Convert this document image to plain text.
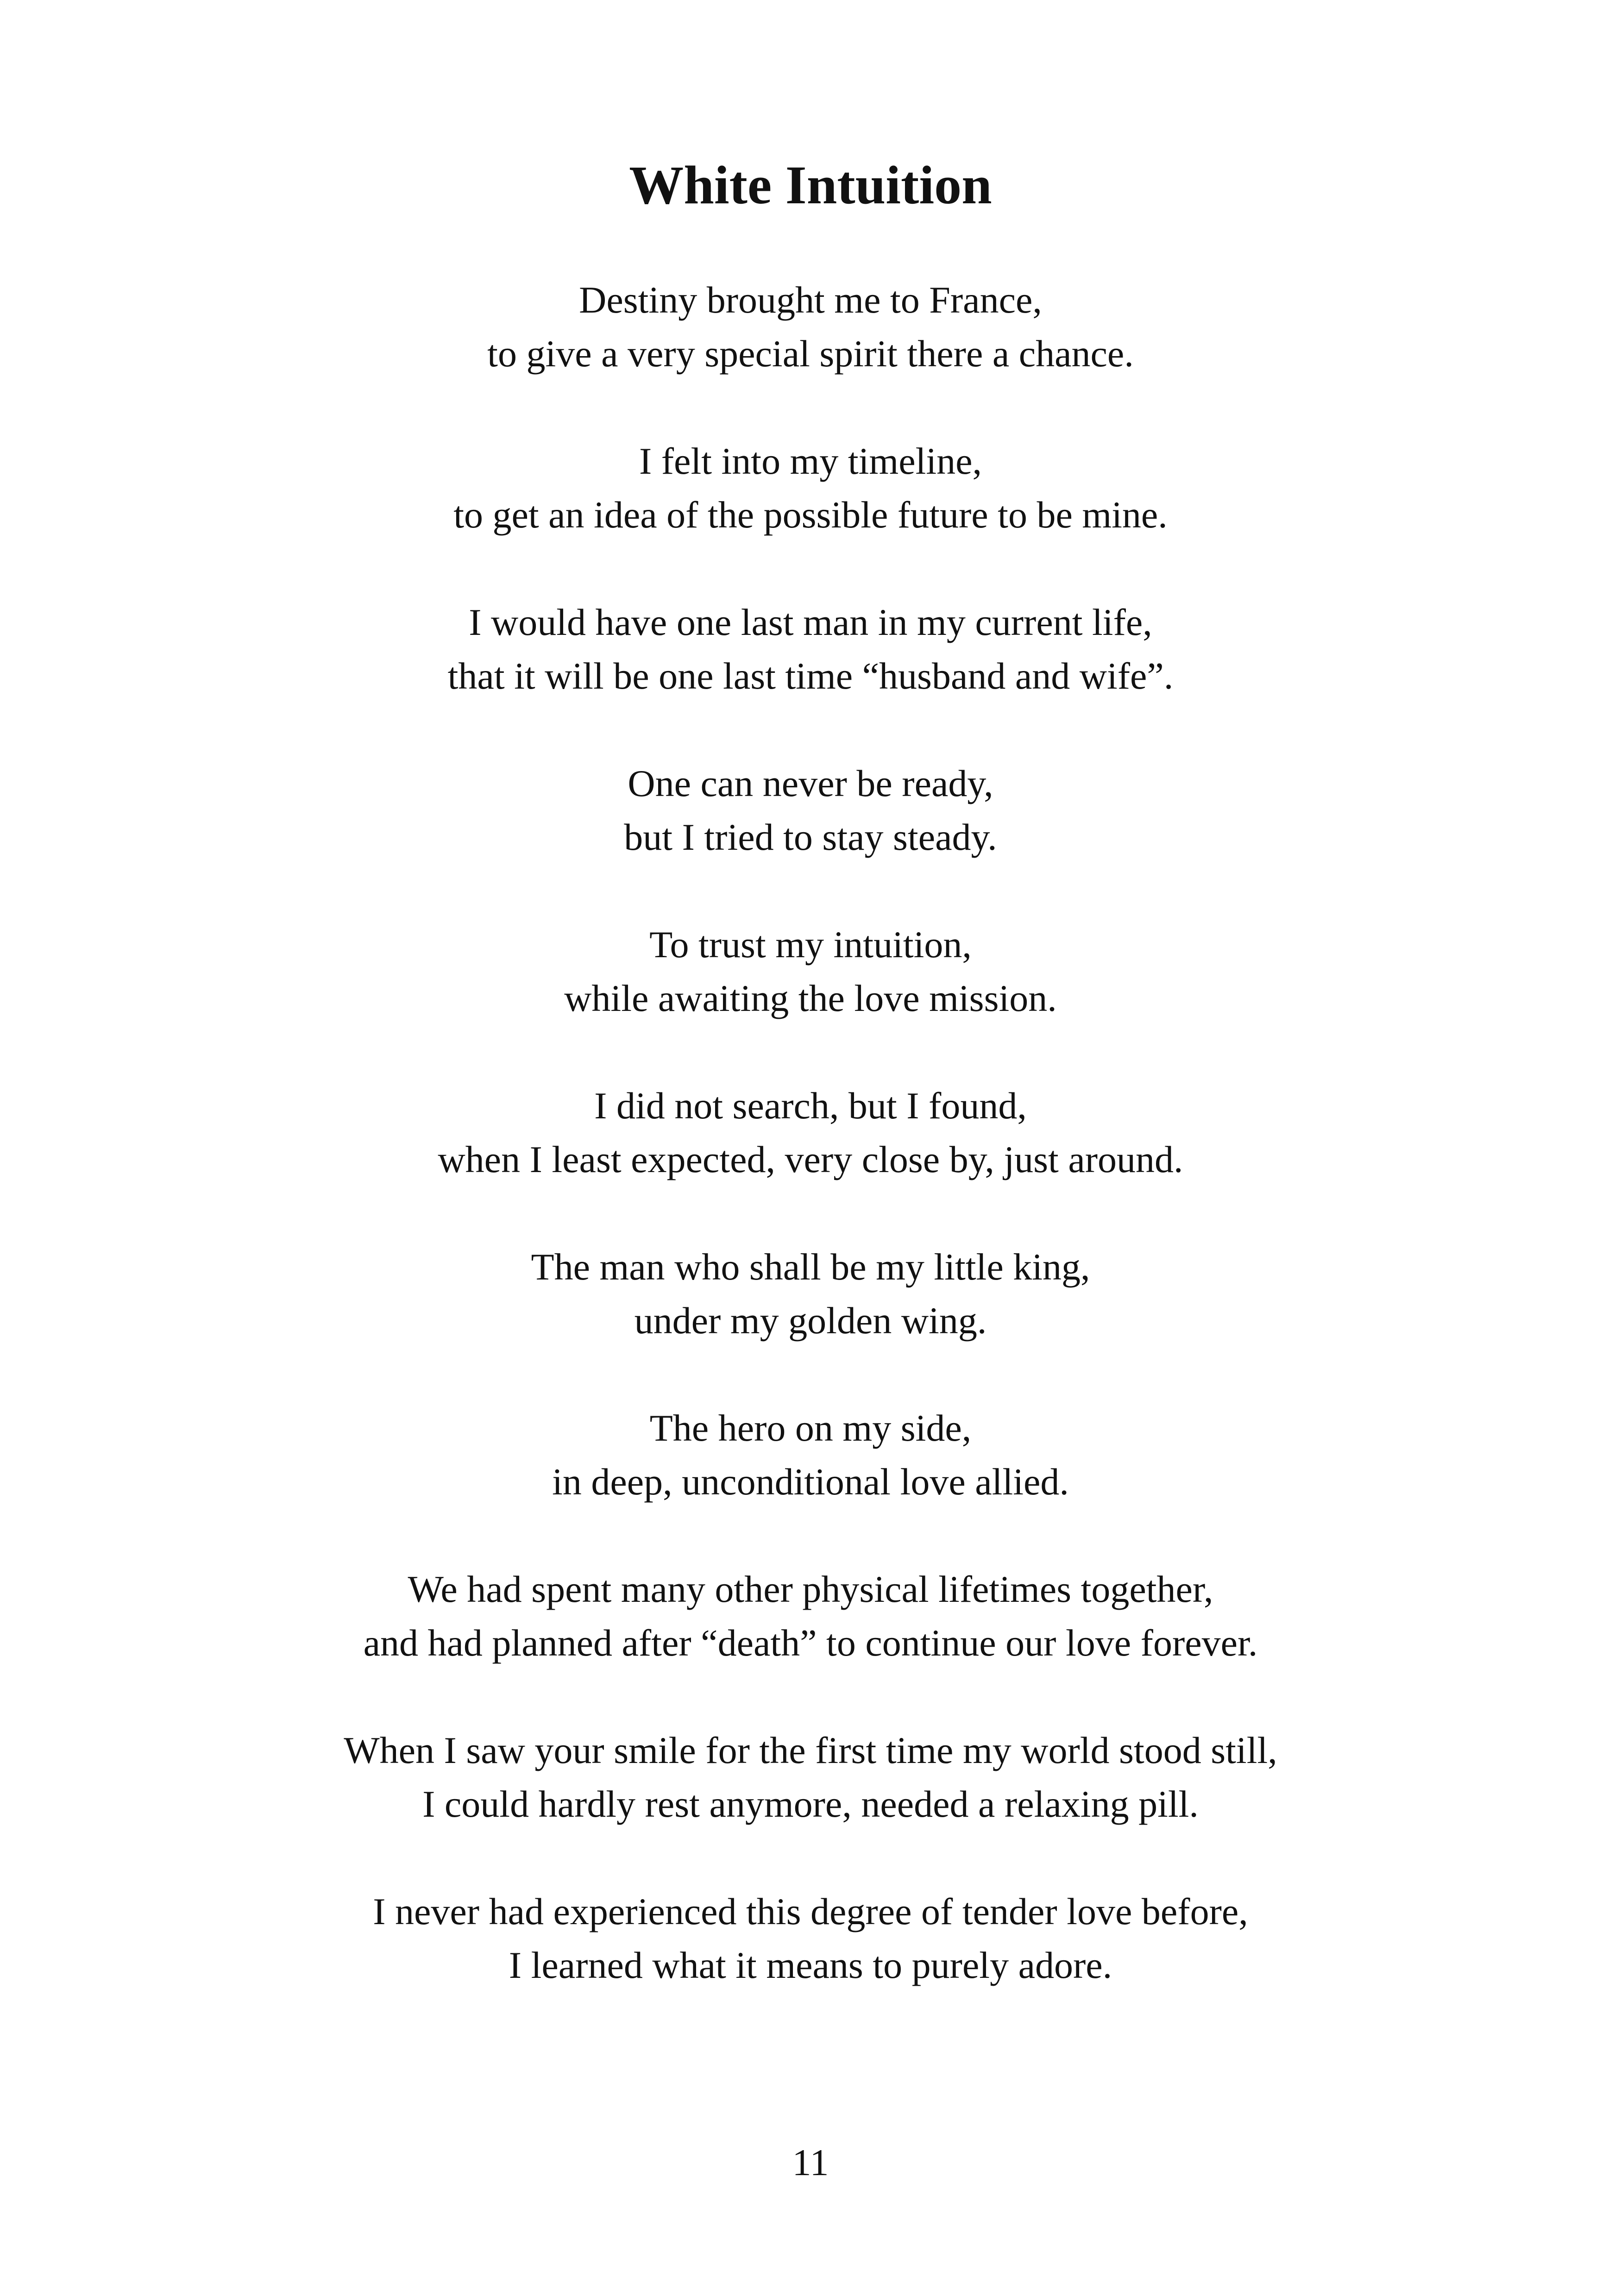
White Intuition
Destiny brought me to France,
to give a very special spirit there a chance.
I felt into my timeline,
to get an idea of the possible future to be mine.
I would have one last man in my current life,
that it will be one last time “husband and wife”.
One can never be ready,
but I tried to stay steady.
To trust my intuition,
while awaiting the love mission.
I did not search, but I found,
when I least expected, very close by, just around.
The man who shall be my little king,
under my golden wing.
The hero on my side,
in deep, unconditional love allied.
We had spent many other physical lifetimes together,
and had planned after “death” to continue our love forever.
When I saw your smile for the first time my world stood still,
I could hardly rest anymore, needed a relaxing pill.
I never had experienced this degree of tender love before,
I learned what it means to purely adore.
11
